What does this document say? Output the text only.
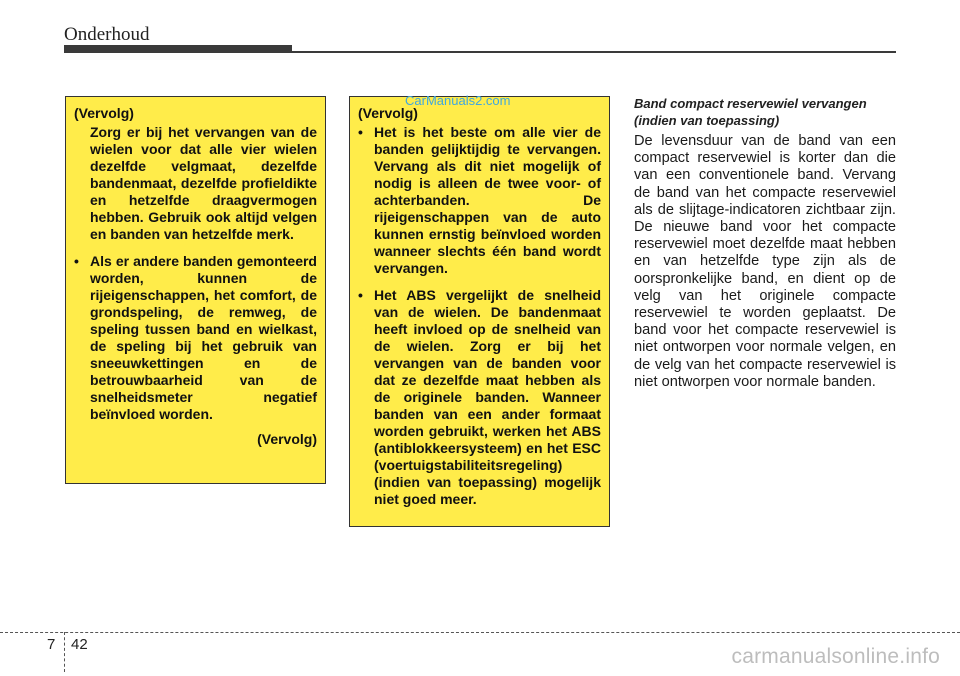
Onderhoud

(Vervolg)

Zorg er bij het vervangen van de wielen voor dat alle vier wielen dezelfde velgmaat, dezelfde bandenmaat, dezelfde profieldikte en hetzelfde draagvermogen hebben. Gebruik ook altijd velgen en banden van hetzelfde merk.

• Als er andere banden gemonteerd worden, kunnen de rijeigenschappen, het comfort, de grondspeling, de remweg, de speling tussen band en wielkast, de speling bij het gebruik van sneeuwkettingen en de betrouwbaarheid van de snelheidsmeter negatief beïnvloed worden.
(Vervolg)

(Vervolg)

• Het is het beste om alle vier de banden gelijktijdig te vervangen. Vervang als dit niet mogelijk of nodig is alleen de twee voor- of achterbanden. De rijeigenschappen van de auto kunnen ernstig beïnvloed worden wanneer slechts één band wordt vervangen.
• Het ABS vergelijkt de snelheid van de wielen. De bandenmaat heeft invloed op de snelheid van de wielen. Zorg er bij het vervangen van de banden voor dat ze dezelfde maat hebben als de originele banden. Wanneer banden van een ander formaat worden gebruikt, werken het ABS (antiblokkeersysteem) en het ESC (voertuigstabiliteitsregeling) (indien van toepassing) mogelijk niet goed meer.
CarManuals2.com	Band compact reservewiel vervangen
(indien van toepassing)

De levensduur van de band van een compact reservewiel is korter dan die van een conventionele band. Vervang de band van het compacte reservewiel als de slijtage-indicatoren zichtbaar zijn. De nieuwe band voor het compacte reservewiel moet dezelfde maat hebben en van hetzelfde type zijn als de oorspronkelijke band, en dient op de velg van het originele compacte reservewiel te worden geplaatst. De band voor het compacte reservewiel is niet ontworpen voor normale velgen, en de velg van het compacte reservewiel is niet ontworpen voor normale banden.

7 42
carmanualsonline.info
